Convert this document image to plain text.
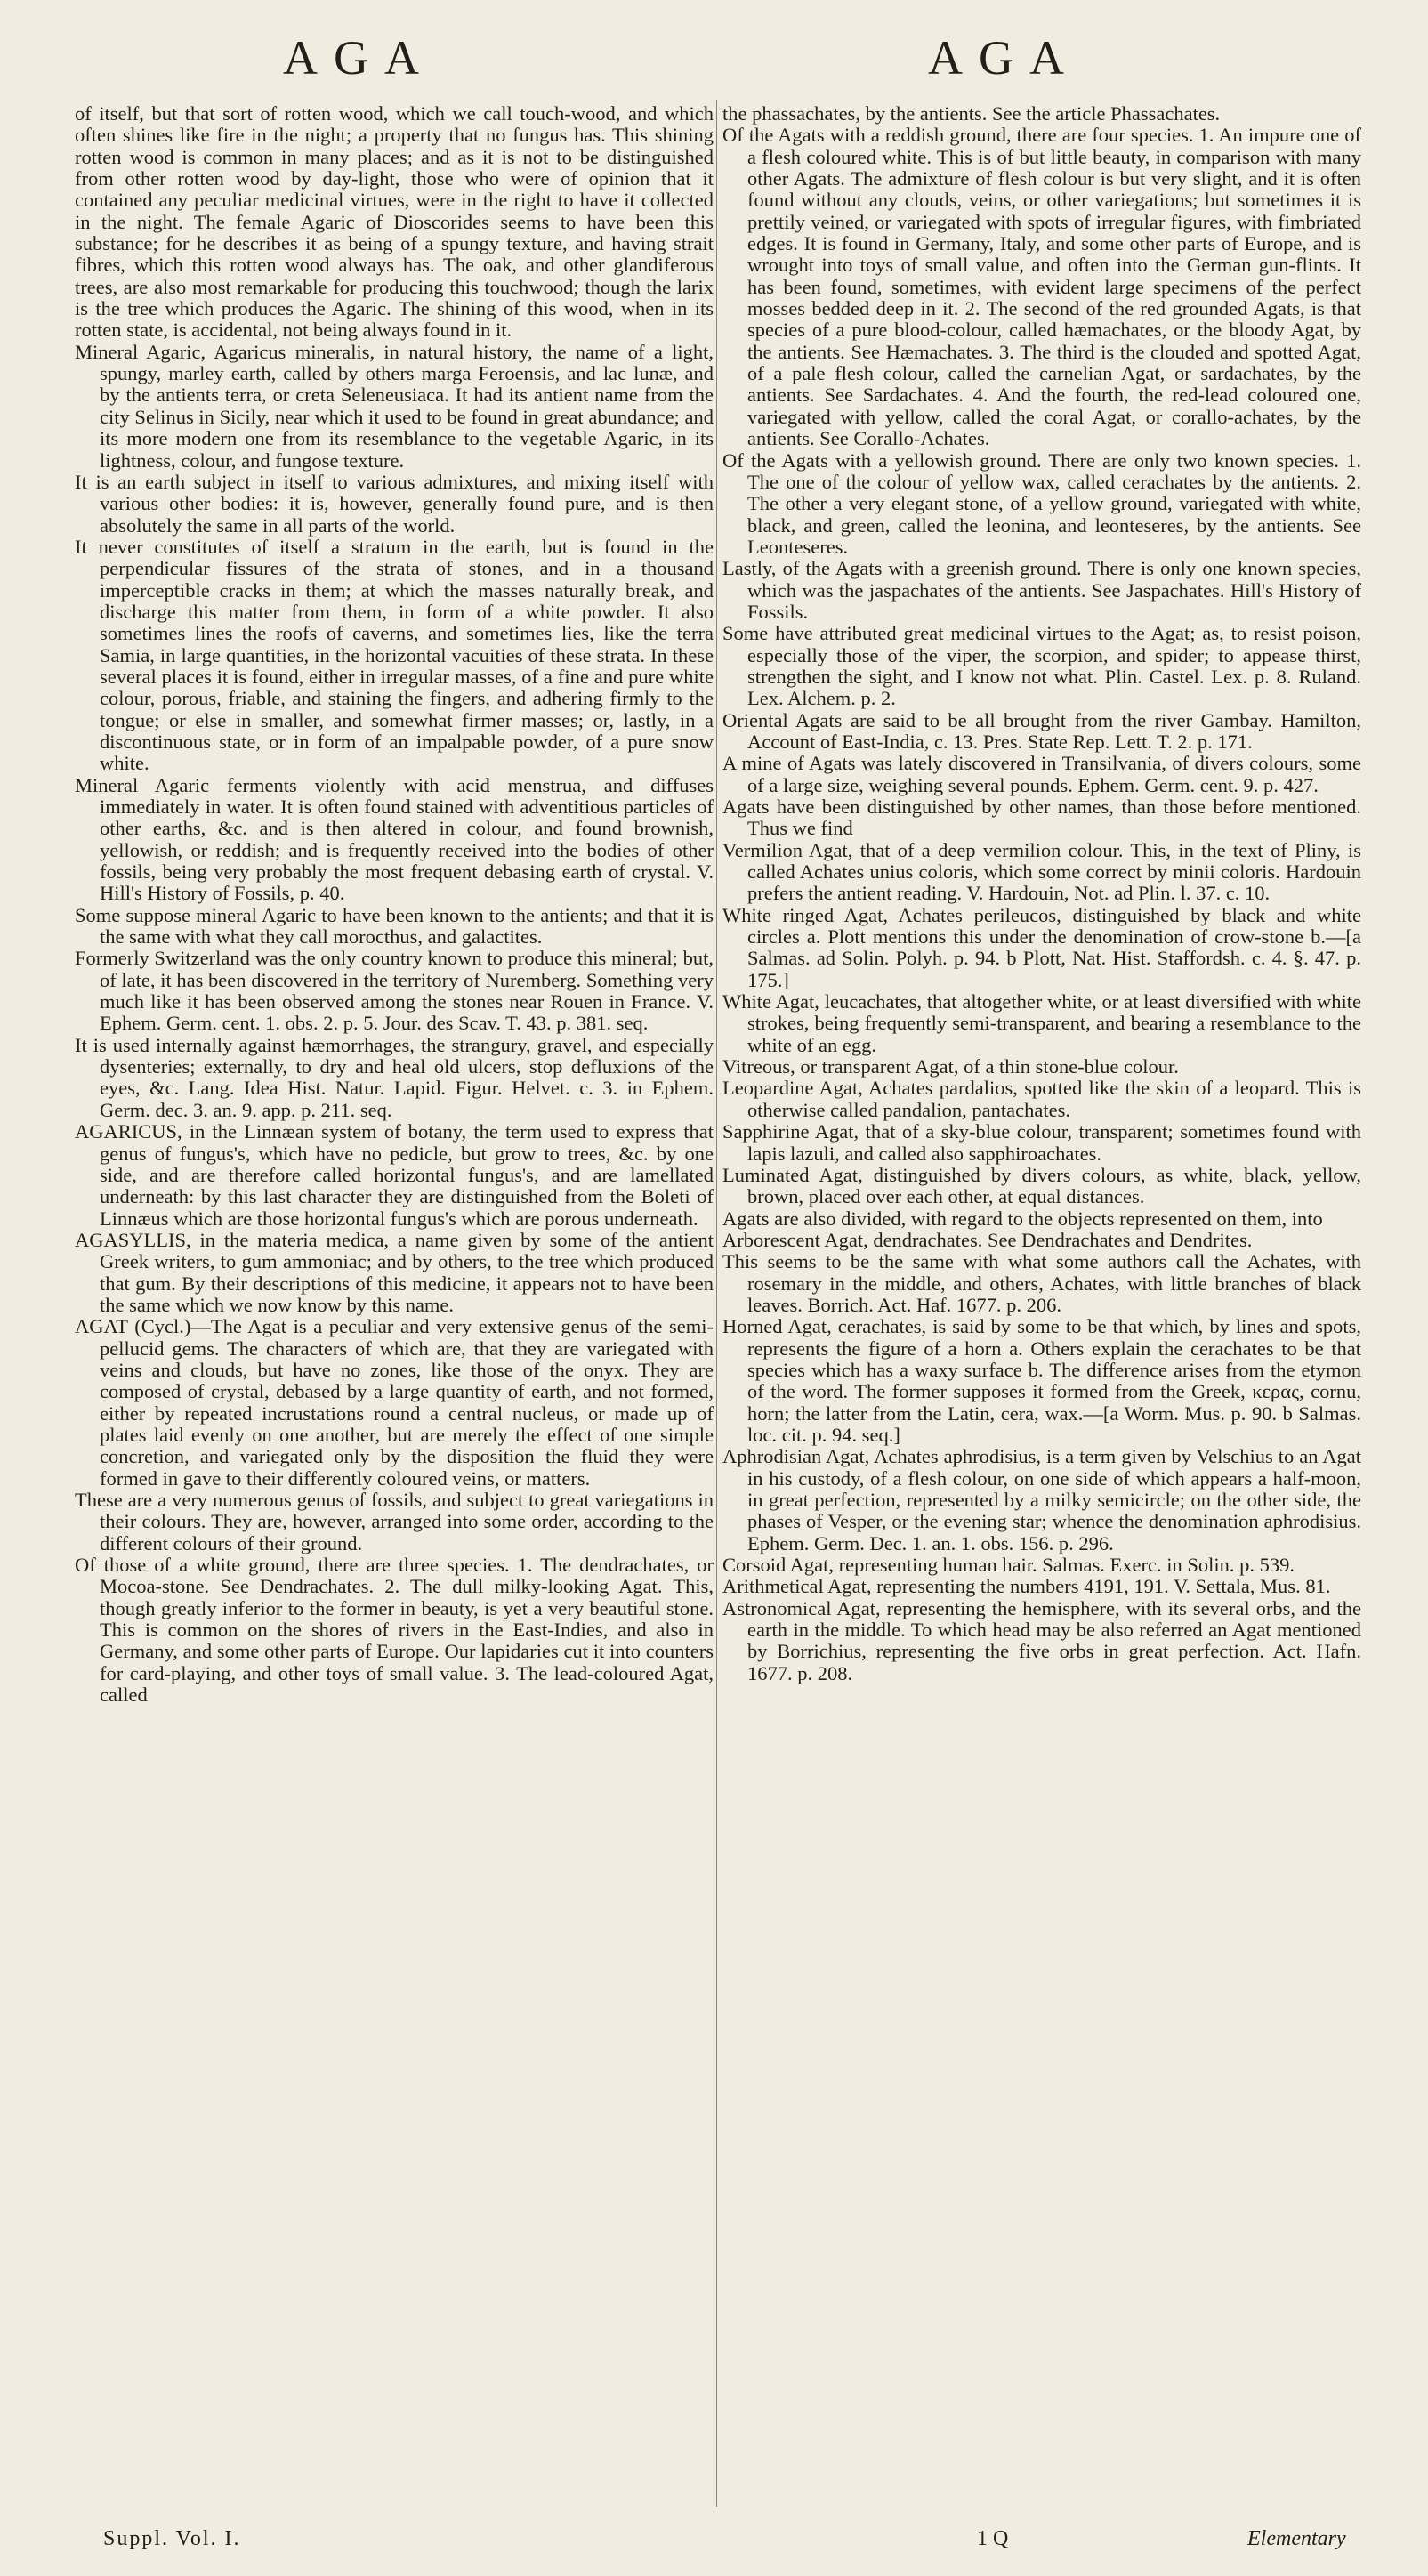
AGA	AGA

of itself, but that sort of rotten wood, which we call touch-wood, and which often shines like fire in the night; a property that no fungus has. This shining rotten wood is common in many places; and as it is not to be distinguished from other rotten wood by day-light, those who were of opinion that it contained any peculiar medicinal virtues, were in the right to have it collected in the night. The female Agaric of Dioscorides seems to have been this substance; for he describes it as being of a spungy texture, and having strait fibres, which this rotten wood always has. The oak, and other glandiferous trees, are also most remarkable for producing this touchwood; though the larix is the tree which produces the Agaric. The shining of this wood, when in its rotten state, is accidental, not being always found in it.

Mineral Agaric, Agaricus mineralis, in natural history, the name of a light, spungy, marley earth, called by others marga Feroensis, and lac lunæ, and by the antients terra, or creta Seleneusiaca. It had its antient name from the city Selinus in Sicily, near which it used to be found in great abundance; and its more modern one from its resemblance to the vegetable Agaric, in its lightness, colour, and fungose texture.

It is an earth subject in itself to various admixtures, and mixing itself with various other bodies: it is, however, generally found pure, and is then absolutely the same in all parts of the world.

It never constitutes of itself a stratum in the earth, but is found in the perpendicular fissures of the strata of stones, and in a thousand imperceptible cracks in them; at which the masses naturally break, and discharge this matter from them, in form of a white powder. It also sometimes lines the roofs of caverns, and sometimes lies, like the terra Samia, in large quantities, in the horizontal vacuities of these strata. In these several places it is found, either in irregular masses, of a fine and pure white colour, porous, friable, and staining the fingers, and adhering firmly to the tongue; or else in smaller, and somewhat firmer masses; or, lastly, in a discontinuous state, or in form of an impalpable powder, of a pure snow white.

Mineral Agaric ferments violently with acid menstrua, and diffuses immediately in water. It is often found stained with adventitious particles of other earths, &c. and is then altered in colour, and found brownish, yellowish, or reddish; and is frequently received into the bodies of other fossils, being very probably the most frequent debasing earth of crystal. V. Hill's History of Fossils, p. 40.

Some suppose mineral Agaric to have been known to the antients; and that it is the same with what they call morocthus, and galactites.

Formerly Switzerland was the only country known to produce this mineral; but, of late, it has been discovered in the territory of Nuremberg. Something very much like it has been observed among the stones near Rouen in France. V. Ephem. Germ. cent. 1. obs. 2. p. 5. Jour. des Scav. T. 43. p. 381. seq.

It is used internally against hæmorrhages, the strangury, gravel, and especially dysenteries; externally, to dry and heal old ulcers, stop defluxions of the eyes, &c. Lang. Idea Hist. Natur. Lapid. Figur. Helvet. c. 3. in Ephem. Germ. dec. 3. an. 9. app. p. 211. seq.

AGARICUS, in the Linnæan system of botany, the term used to express that genus of fungus's, which have no pedicle, but grow to trees, &c. by one side, and are therefore called horizontal fungus's, and are lamellated underneath: by this last character they are distinguished from the Boleti of Linnæus which are those horizontal fungus's which are porous underneath.

AGASYLLIS, in the materia medica, a name given by some of the antient Greek writers, to gum ammoniac; and by others, to the tree which produced that gum. By their descriptions of this medicine, it appears not to have been the same which we now know by this name.

AGAT (Cycl.)—The Agat is a peculiar and very extensive genus of the semi-pellucid gems. The characters of which are, that they are variegated with veins and clouds, but have no zones, like those of the onyx. They are composed of crystal, debased by a large quantity of earth, and not formed, either by repeated incrustations round a central nucleus, or made up of plates laid evenly on one another, but are merely the effect of one simple concretion, and variegated only by the disposition the fluid they were formed in gave to their differently coloured veins, or matters.

These are a very numerous genus of fossils, and subject to great variegations in their colours. They are, however, arranged into some order, according to the different colours of their ground.

Of those of a white ground, there are three species. 1. The dendrachates, or Mocoa-stone. See Dendrachates. 2. The dull milky-looking Agat. This, though greatly inferior to the former in beauty, is yet a very beautiful stone. This is common on the shores of rivers in the East-Indies, and also in Germany, and some other parts of Europe. Our lapidaries cut it into counters for card-playing, and other toys of small value. 3. The lead-coloured Agat, called

the phassachates, by the antients. See the article Phassachates.

Of the Agats with a reddish ground, there are four species. 1. An impure one of a flesh coloured white. This is of but little beauty, in comparison with many other Agats. The admixture of flesh colour is but very slight, and it is often found without any clouds, veins, or other variegations; but sometimes it is prettily veined, or variegated with spots of irregular figures, with fimbriated edges. It is found in Germany, Italy, and some other parts of Europe, and is wrought into toys of small value, and often into the German gun-flints. It has been found, sometimes, with evident large specimens of the perfect mosses bedded deep in it. 2. The second of the red grounded Agats, is that species of a pure blood-colour, called hæmachates, or the bloody Agat, by the antients. See Hæmachates. 3. The third is the clouded and spotted Agat, of a pale flesh colour, called the carnelian Agat, or sardachates, by the antients. See Sardachates. 4. And the fourth, the red-lead coloured one, variegated with yellow, called the coral Agat, or corallo-achates, by the antients. See Corallo-Achates.

Of the Agats with a yellowish ground. There are only two known species. 1. The one of the colour of yellow wax, called cerachates by the antients. 2. The other a very elegant stone, of a yellow ground, variegated with white, black, and green, called the leonina, and leonteseres, by the antients. See Leonteseres.

Lastly, of the Agats with a greenish ground. There is only one known species, which was the jaspachates of the antients. See Jaspachates. Hill's History of Fossils.

Some have attributed great medicinal virtues to the Agat; as, to resist poison, especially those of the viper, the scorpion, and spider; to appease thirst, strengthen the sight, and I know not what. Plin. Castel. Lex. p. 8. Ruland. Lex. Alchem. p. 2.

Oriental Agats are said to be all brought from the river Gambay. Hamilton, Account of East-India, c. 13. Pres. State Rep. Lett. T. 2. p. 171.

A mine of Agats was lately discovered in Transilvania, of divers colours, some of a large size, weighing several pounds. Ephem. Germ. cent. 9. p. 427.

Agats have been distinguished by other names, than those before mentioned. Thus we find

Vermilion Agat, that of a deep vermilion colour. This, in the text of Pliny, is called Achates unius coloris, which some correct by minii coloris. Hardouin prefers the antient reading. V. Hardouin, Not. ad Plin. l. 37. c. 10.

White ringed Agat, Achates perileucos, distinguished by black and white circles a. Plott mentions this under the denomination of crow-stone b.—[a Salmas. ad Solin. Polyh. p. 94. b Plott, Nat. Hist. Staffordsh. c. 4. §. 47. p. 175.]

White Agat, leucachates, that altogether white, or at least diversified with white strokes, being frequently semi-transparent, and bearing a resemblance to the white of an egg.

Vitreous, or transparent Agat, of a thin stone-blue colour.

Leopardine Agat, Achates pardalios, spotted like the skin of a leopard. This is otherwise called pandalion, pantachates.

Sapphirine Agat, that of a sky-blue colour, transparent; sometimes found with lapis lazuli, and called also sapphiroachates.

Luminated Agat, distinguished by divers colours, as white, black, yellow, brown, placed over each other, at equal distances.

Agats are also divided, with regard to the objects represented on them, into

Arborescent Agat, dendrachates. See Dendrachates and Dendrites.

This seems to be the same with what some authors call the Achates, with rosemary in the middle, and others, Achates, with little branches of black leaves. Borrich. Act. Haf. 1677. p. 206.

Horned Agat, cerachates, is said by some to be that which, by lines and spots, represents the figure of a horn a. Others explain the cerachates to be that species which has a waxy surface b. The difference arises from the etymon of the word. The former supposes it formed from the Greek, κερας, cornu, horn; the latter from the Latin, cera, wax.—[a Worm. Mus. p. 90. b Salmas. loc. cit. p. 94. seq.]

Aphrodisian Agat, Achates aphrodisius, is a term given by Velschius to an Agat in his custody, of a flesh colour, on one side of which appears a half-moon, in great perfection, represented by a milky semicircle; on the other side, the phases of Vesper, or the evening star; whence the denomination aphrodisius. Ephem. Germ. Dec. 1. an. 1. obs. 156. p. 296.

Corsoid Agat, representing human hair. Salmas. Exerc. in Solin. p. 539.

Arithmetical Agat, representing the numbers 4191, 191. V. Settala, Mus. 81.

Astronomical Agat, representing the hemisphere, with its several orbs, and the earth in the middle. To which head may be also referred an Agat mentioned by Borrichius, representing the five orbs in great perfection. Act. Hafn. 1677. p. 208.

Suppl. Vol. I.	1 Q	Elementary
